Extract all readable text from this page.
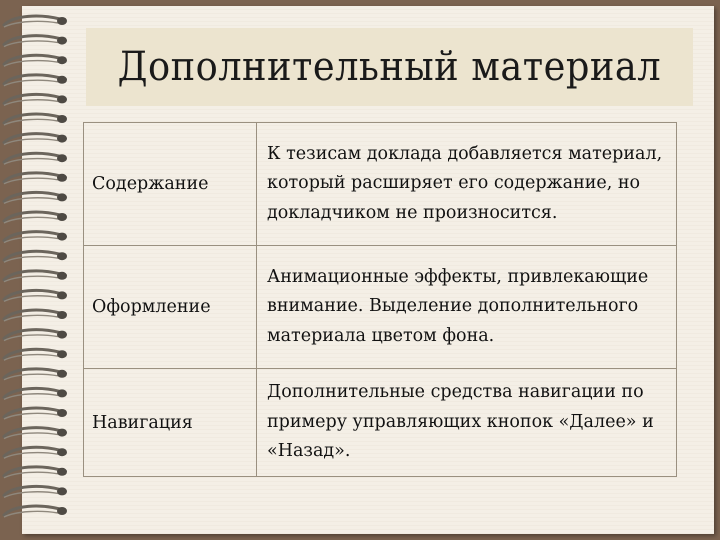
Дополнительный материал
Содержание	К тезисам доклада добавляется материал, который расширяет его содержание, но докладчиком не произносится.
Оформление	Анимационные эффекты, привлекающие внимание. Выделение дополнительного материала цветом фона.
Навигация	Дополнительные средства навигации по примеру управляющих кнопок «Далее» и «Назад».
